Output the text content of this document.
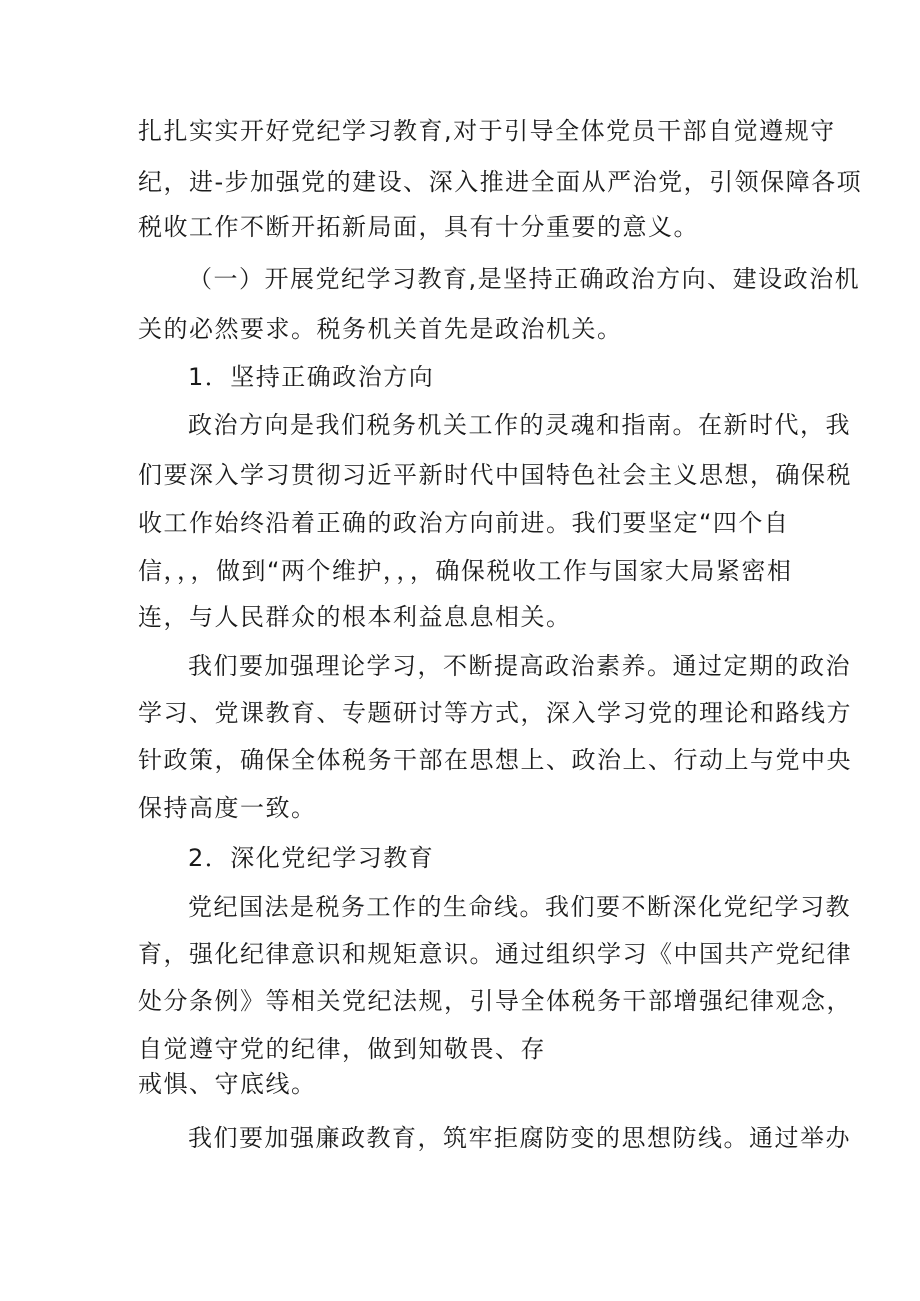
扎扎实实开好党纪学习教育,对于引导全体党员干部自觉遵规守

纪，进-步加强党的建设、深入推进全面从严治党，引领保障各项

税收工作不断开拓新局面，具有十分重要的意义。

（一）开展党纪学习教育,是坚持正确政治方向、建设政治机

关的必然要求。税务机关首先是政治机关。

1．坚持正确政治方向

政治方向是我们税务机关工作的灵魂和指南。在新时代，我

们要深入学习贯彻习近平新时代中国特色社会主义思想，确保税

收工作始终沿着正确的政治方向前进。我们要坚定“四个自

信，，，做到“两个维护，，，确保税收工作与国家大局紧密相

连，与人民群众的根本利益息息相关。

我们要加强理论学习，不断提高政治素养。通过定期的政治

学习、党课教育、专题研讨等方式，深入学习党的理论和路线方

针政策，确保全体税务干部在思想上、政治上、行动上与党中央

保持高度一致。

2．深化党纪学习教育

党纪国法是税务工作的生命线。我们要不断深化党纪学习教

育，强化纪律意识和规矩意识。通过组织学习《中国共产党纪律

处分条例》等相关党纪法规，引导全体税务干部增强纪律观念，

自觉遵守党的纪律，做到知敬畏、存

戒惧、守底线。

我们要加强廉政教育，筑牢拒腐防变的思想防线。通过举办
